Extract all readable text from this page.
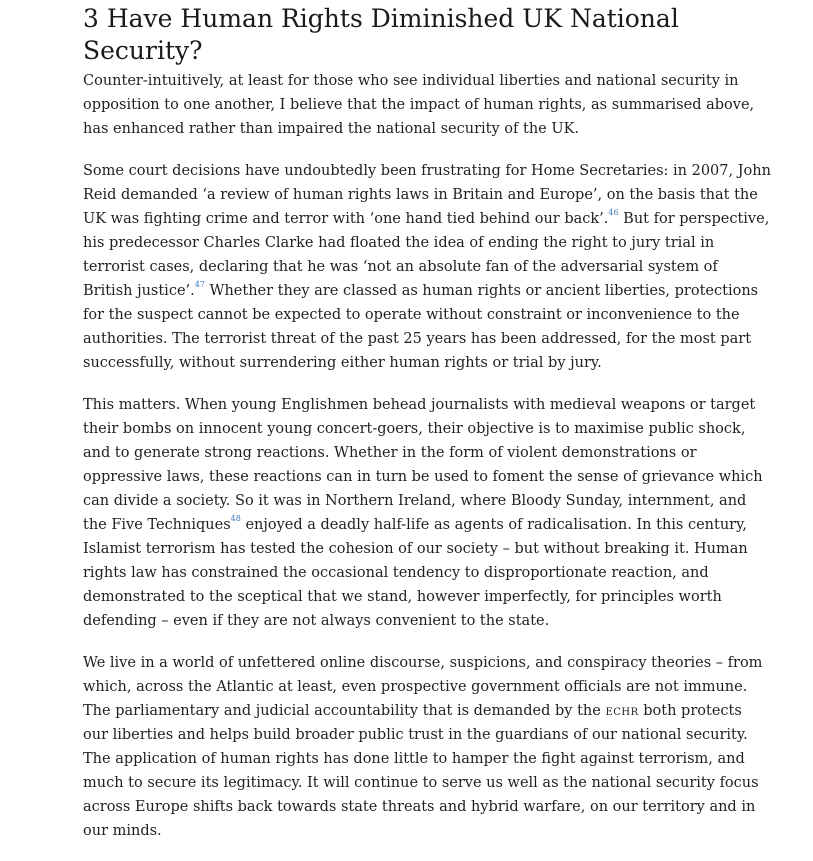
3 Have Human Rights Diminished UK National Security?

Counter-intuitively, at least for those who see individual liberties and national security in opposition to one another, I believe that the impact of human rights, as summarised above, has enhanced rather than impaired the national security of the UK.

Some court decisions have undoubtedly been frustrating for Home Secretaries: in 2007, John Reid demanded ‘a review of human rights laws in Britain and Europe’, on the basis that the UK was fighting crime and terror with ‘one hand tied behind our back’.$^{46}$ But for perspective, his predecessor Charles Clarke had floated the idea of ending the right to jury trial in terrorist cases, declaring that he was ‘not an absolute fan of the adversarial system of British justice’.$^{47}$ Whether they are classed as human rights or ancient liberties, protections for the suspect cannot be expected to operate without constraint or inconvenience to the authorities. The terrorist threat of the past 25 years has been addressed, for the most part successfully, without surrendering either human rights or trial by jury.

This matters. When young Englishmen behead journalists with medieval weapons or target their bombs on innocent young concert-goers, their objective is to maximise public shock, and to generate strong reactions. Whether in the form of violent demonstrations or oppressive laws, these reactions can in turn be used to foment the sense of grievance which can divide a society. So it was in Northern Ireland, where Bloody Sunday, internment, and the Five Techniques$^{48}$ enjoyed a deadly half-life as agents of radicalisation. In this century, Islamist terrorism has tested the cohesion of our society – but without breaking it. Human rights law has constrained the occasional tendency to disproportionate reaction, and demonstrated to the sceptical that we stand, however imperfectly, for principles worth defending – even if they are not always convenient to the state.

We live in a world of unfettered online discourse, suspicions, and conspiracy theories – from which, across the Atlantic at least, even prospective government officials are not immune. The parliamentary and judicial accountability that is demanded by the echr both protects our liberties and helps build broader public trust in the guardians of our national security. The application of human rights has done little to hamper the fight against terrorism, and much to secure its legitimacy. It will continue to serve us well as the national security focus across Europe shifts back towards state threats and hybrid warfare, on our territory and in our minds.
